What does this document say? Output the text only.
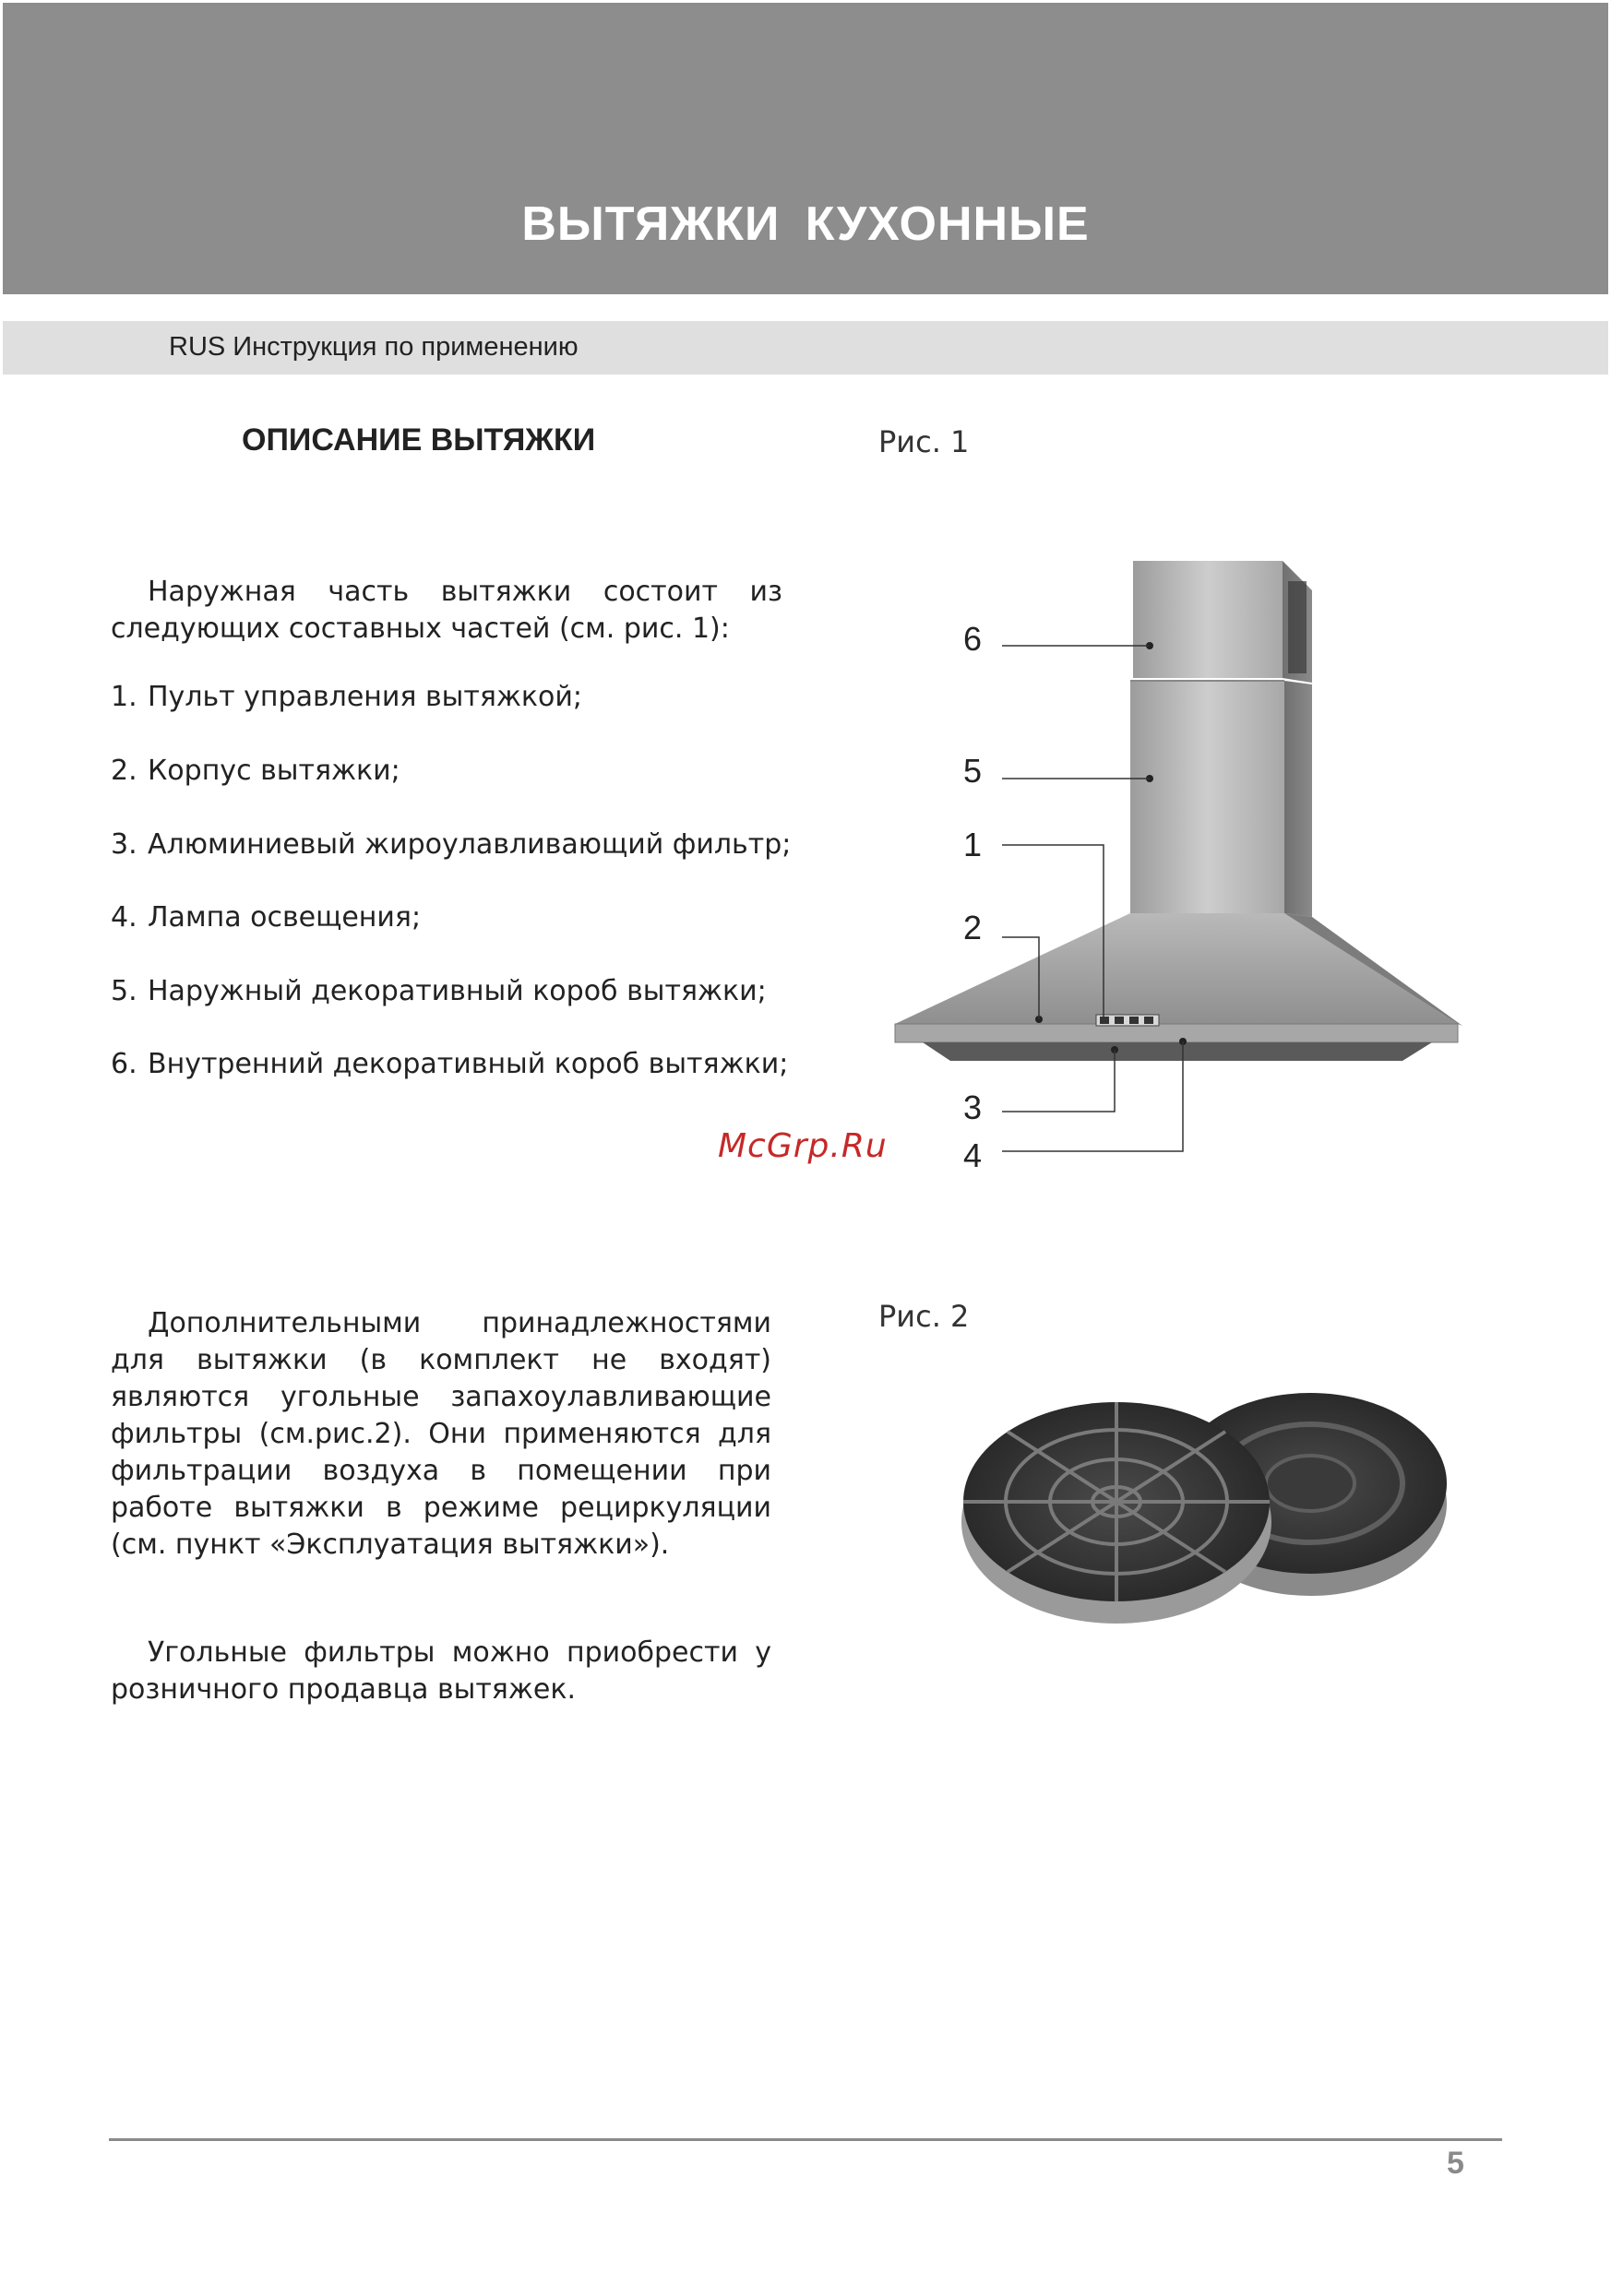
ВЫТЯЖКИ КУХОННЫЕ
RUS Инструкция по применению
ОПИСАНИЕ ВЫТЯЖКИ	Рис. 1
Наружная часть вытяжки состоит из следующих составных частей (см. рис. 1):
1. Пульт управления вытяжкой;
2. Корпус вытяжки;
3. Алюминиевый жироулавливающий фильтр;
4. Лампа освещения;
5. Наружный декоративный короб вытяжки;
6. Внутренний декоративный короб вытяжки;
6
5
1
2
3
4
McGrp.Ru
Рис. 2
Дополнительными принадлежностями для вытяжки (в комплект не входят) являются угольные запахоулавливающие фильтры (см.рис.2). Они применяются для фильтрации воздуха в помещении при работе вытяжки в режиме рециркуляции (см. пункт «Эксплуатация вытяжки»).
Угольные фильтры можно приобрести у розничного продавца вытяжек.
5
